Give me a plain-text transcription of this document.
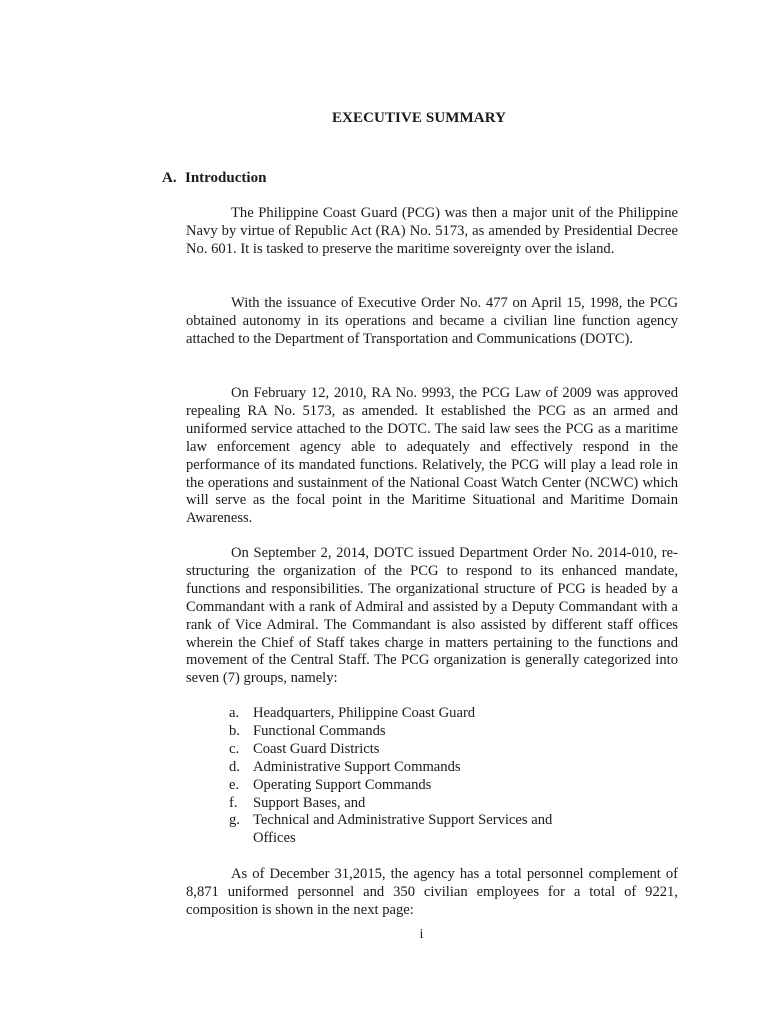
EXECUTIVE SUMMARY
A. Introduction

The Philippine Coast Guard (PCG) was then a major unit of the Philippine Navy by virtue of Republic Act (RA) No. 5173, as amended by Presidential Decree No. 601. It is tasked to preserve the maritime sovereignty over the island.

With the issuance of Executive Order No. 477 on April 15, 1998, the PCG obtained autonomy in its operations and became a civilian line function agency attached to the Department of Transportation and Communications (DOTC).

On February 12, 2010, RA No. 9993, the PCG Law of 2009 was approved repealing RA No. 5173, as amended. It established the PCG as an armed and uniformed service attached to the DOTC. The said law sees the PCG as a maritime law enforcement agency able to adequately and effectively respond in the performance of its mandated functions. Relatively, the PCG will play a lead role in the operations and sustainment of the National Coast Watch Center (NCWC) which will serve as the focal point in the Maritime Situational and Maritime Domain Awareness.

On September 2, 2014, DOTC issued Department Order No. 2014-010, re-structuring the organization of the PCG to respond to its enhanced mandate, functions and responsibilities. The organizational structure of PCG is headed by a Commandant with a rank of Admiral and assisted by a Deputy Commandant with a rank of Vice Admiral. The Commandant is also assisted by different staff offices wherein the Chief of Staff takes charge in matters pertaining to the functions and movement of the Central Staff. The PCG organization is generally categorized into seven (7) groups, namely:

a. Headquarters, Philippine Coast Guard
b. Functional Commands
c. Coast Guard Districts
d. Administrative Support Commands
e. Operating Support Commands
f. Support Bases, and
g. Technical and Administrative Support Services and Offices

As of December 31,2015, the agency has a total personnel complement of 8,871 uniformed personnel and 350 civilian employees for a total of 9221, composition is shown in the next page:

i
